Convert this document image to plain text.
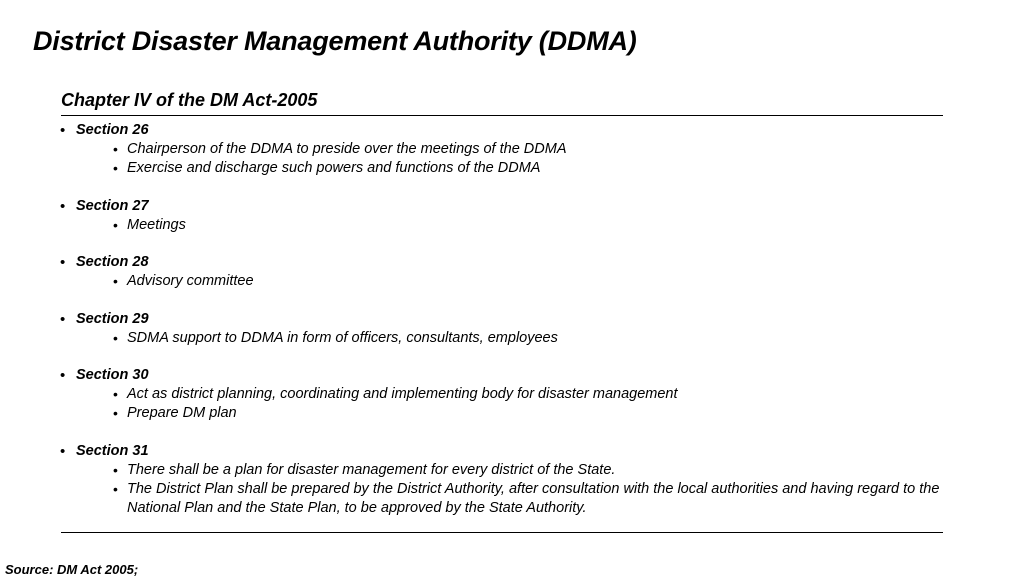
District Disaster Management Authority (DDMA)
Chapter IV of the DM Act-2005
• Section 26
• Chairperson of the DDMA to preside over the meetings of the DDMA
• Exercise and discharge such powers and functions of the DDMA
• Section 27
• Meetings
• Section 28
• Advisory committee
• Section 29
• SDMA support to DDMA in form of officers, consultants, employees
• Section 30
• Act as district planning, coordinating and implementing body for disaster management
• Prepare DM plan
• Section 31
• There shall be a plan for disaster management for every district of the State.
• The District Plan shall be prepared by the District Authority, after consultation with the local authorities and having regard to the National Plan and the State Plan, to be approved by the State Authority.
Source: DM Act 2005;
